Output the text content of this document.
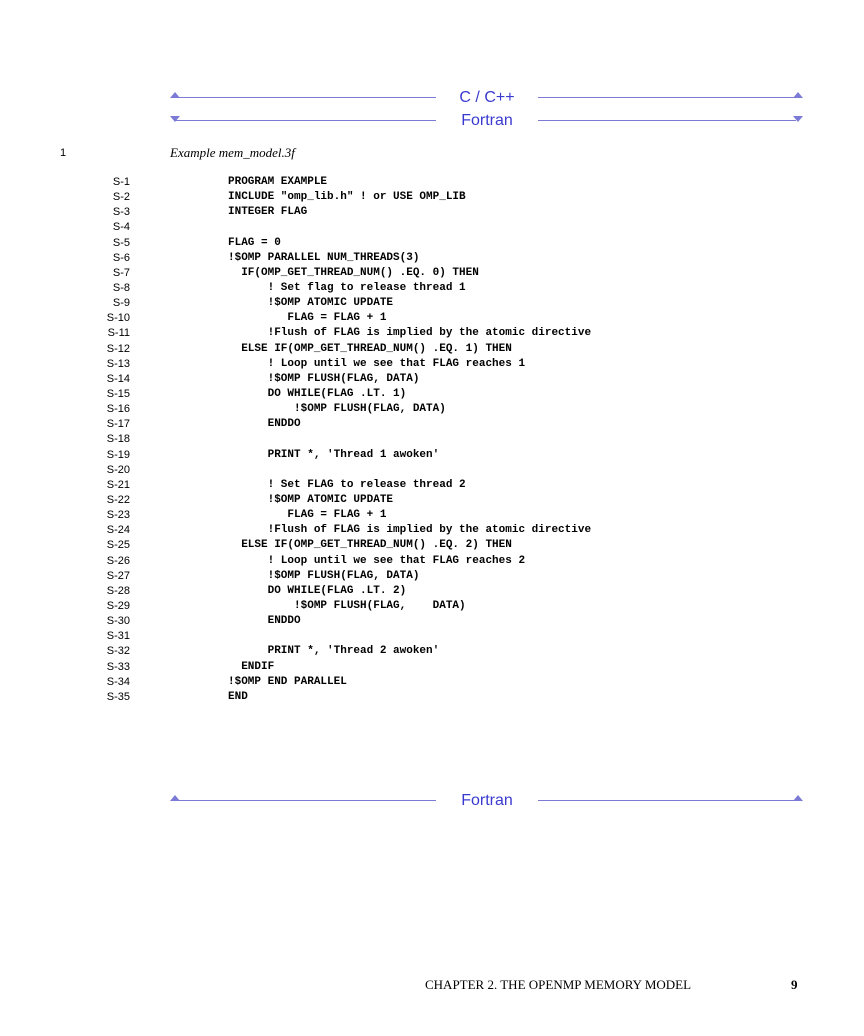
C / C++
Fortran
1	Example mem_model.3f
S-1	PROGRAM EXAMPLE
S-2	INCLUDE "omp_lib.h" ! or USE OMP_LIB
S-3	INTEGER FLAG
S-4
S-5	FLAG = 0
S-6	!$OMP PARALLEL NUM_THREADS(3)
S-7	IF(OMP_GET_THREAD_NUM() .EQ. 0) THEN
S-8	! Set flag to release thread 1
S-9	!$OMP ATOMIC UPDATE
S-10	FLAG = FLAG + 1
S-11	!Flush of FLAG is implied by the atomic directive
S-12	ELSE IF(OMP_GET_THREAD_NUM() .EQ. 1) THEN
S-13	! Loop until we see that FLAG reaches 1
S-14	!$OMP FLUSH(FLAG, DATA)
S-15	DO WHILE(FLAG .LT. 1)
S-16	!$OMP FLUSH(FLAG, DATA)
S-17	ENDDO
S-18
S-19	PRINT *, 'Thread 1 awoken'
S-20
S-21	! Set FLAG to release thread 2
S-22	!$OMP ATOMIC UPDATE
S-23	FLAG = FLAG + 1
S-24	!Flush of FLAG is implied by the atomic directive
S-25	ELSE IF(OMP_GET_THREAD_NUM() .EQ. 2) THEN
S-26	! Loop until we see that FLAG reaches 2
S-27	!$OMP FLUSH(FLAG, DATA)
S-28	DO WHILE(FLAG .LT. 2)
S-29	!$OMP FLUSH(FLAG,    DATA)
S-30	ENDDO
S-31
S-32	PRINT *, 'Thread 2 awoken'
S-33	ENDIF
S-34	!$OMP END PARALLEL
S-35	END
Fortran
CHAPTER 2. THE OPENMP MEMORY MODEL	9
